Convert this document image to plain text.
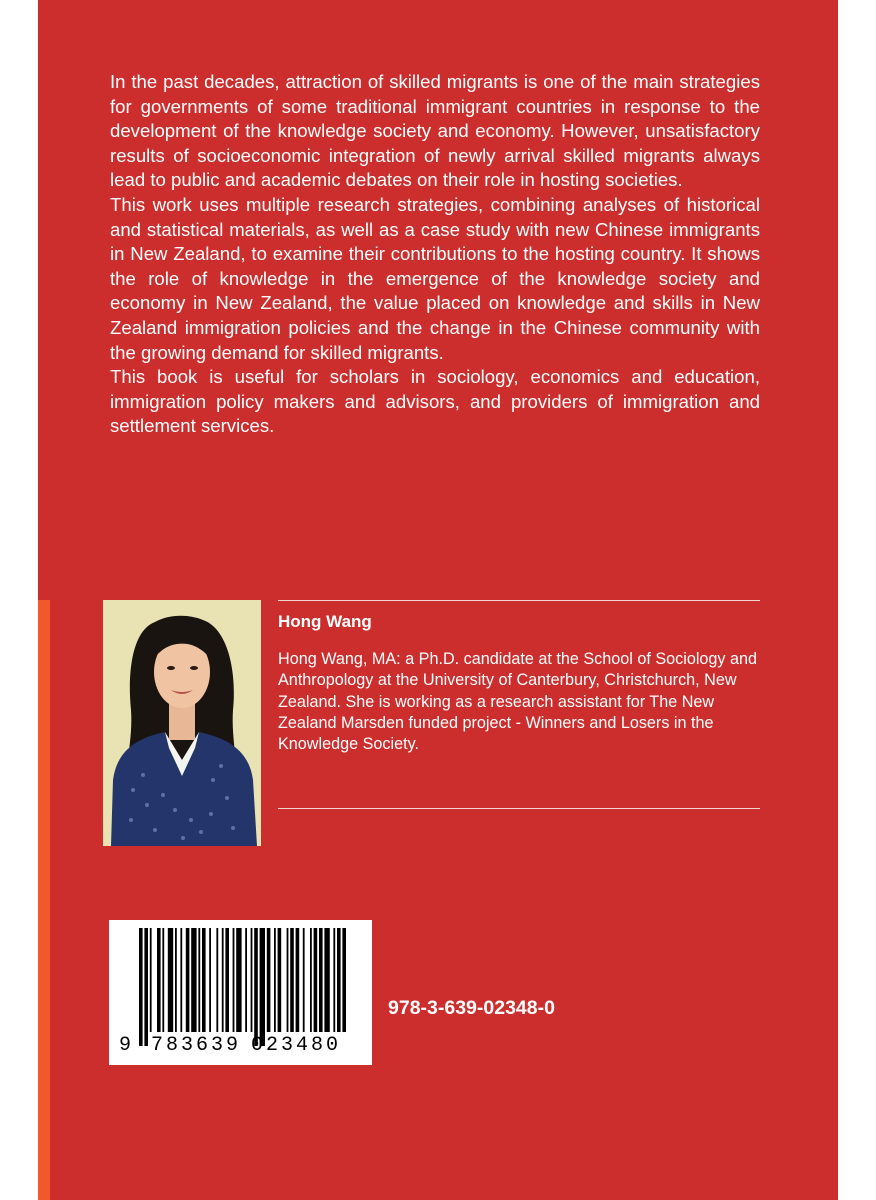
In the past decades, attraction of skilled migrants is one of the main strategies for governments of some traditional immigrant countries in response to the development of the knowledge society and economy. However, unsatisfactory results of socioeconomic integration of newly arrival skilled migrants always lead to public and academic debates on their role in hosting societies.

This work uses multiple research strategies, combining analyses of historical and statistical materials, as well as a case study with new Chinese immigrants in New Zealand, to examine their contributions to the hosting country. It shows the role of knowledge in the emergence of the knowledge society and economy in New Zealand, the value placed on knowledge and skills in New Zealand immigration policies and the change in the Chinese community with the growing demand for skilled migrants.

This book is useful for scholars in sociology, economics and education, immigration policy makers and advisors, and providers of immigration and settlement services.

Hong Wang
Hong Wang, MA: a Ph.D. candidate at the School of Sociology and Anthropology at the University of Canterbury, Christchurch, New Zealand. She is working as a research assistant for The New Zealand Marsden funded project - Winners and Losers in the Knowledge Society.
9 783639 023480
978-3-639-02348-0
